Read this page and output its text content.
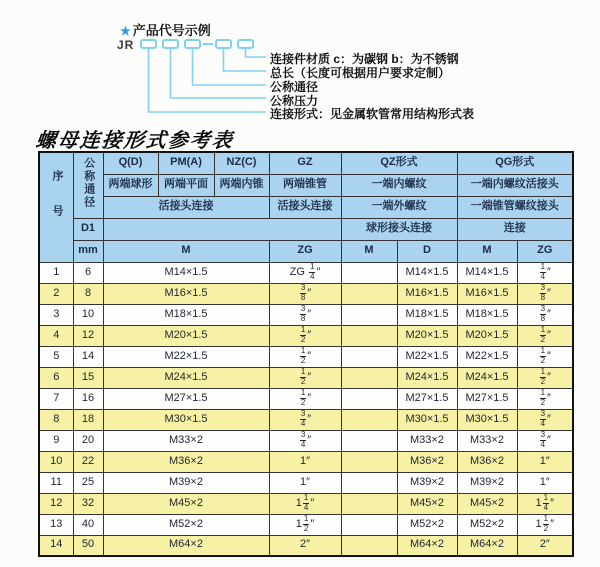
★ 产品代号示例
JR
连接件材质 c：为碳钢 b：为不锈钢
总长（长度可根据用户要求定制）
公称通径
公称压力
连接形式：见金属软管常用结构形式表
螺母连接形式参考表
序号	公称通径	Q(D)	PM(A)	NZ(C)	GZ	QZ形式		QG形式	
		两端球形	两端平面	两端内锥	两端锥管	一端内螺纹		一端内螺纹活接头	
		活接头连接			活接头连接	一端外螺纹		一端锥管螺纹接头	
	D1					球形接头连接		连接	
	mm	M			ZG	M	D	M	ZG
1	6	M14×1.5			ZG $\frac{1}{4}$ ″		M14×1.5	M14×1.5	$\frac{1}{4}$ ″
2	8	M16×1.5			$\frac{3}{8}$ ″		M16×1.5	M16×1.5	$\frac{3}{8}$ ″
3	10	M18×1.5			$\frac{3}{8}$ ″		M18×1.5	M18×1.5	$\frac{3}{8}$ ″
4	12	M20×1.5			$\frac{1}{2}$ ″		M20×1.5	M20×1.5	$\frac{1}{2}$ ″
5	14	M22×1.5			$\frac{1}{2}$ ″		M22×1.5	M22×1.5	$\frac{1}{2}$ ″
6	15	M24×1.5			$\frac{1}{2}$ ″		M24×1.5	M24×1.5	$\frac{1}{2}$ ″
7	16	M27×1.5			$\frac{1}{2}$ ″		M27×1.5	M27×1.5	$\frac{1}{2}$ ″
8	18	M30×1.5			$\frac{3}{4}$ ″		M30×1.5	M30×1.5	$\frac{3}{4}$ ″
9	20	M33×2			$\frac{3}{4}$ ″		M33×2	M33×2	$\frac{3}{4}$ ″
10	22	M36×2			1″		M36×2	M36×2	1″
11	25	M39×2			1″		M39×2	M39×2	1″
12	32	M45×2			$1 \frac{1}{4}$ ″		M45×2	M45×2	$1 \frac{1}{4}$ ″
13	40	M52×2			$1 \frac{1}{2}$ ″		M52×2	M52×2	$1 \frac{1}{2}$ ″
14	50	M64×2			2″		M64×2	M64×2	2″
